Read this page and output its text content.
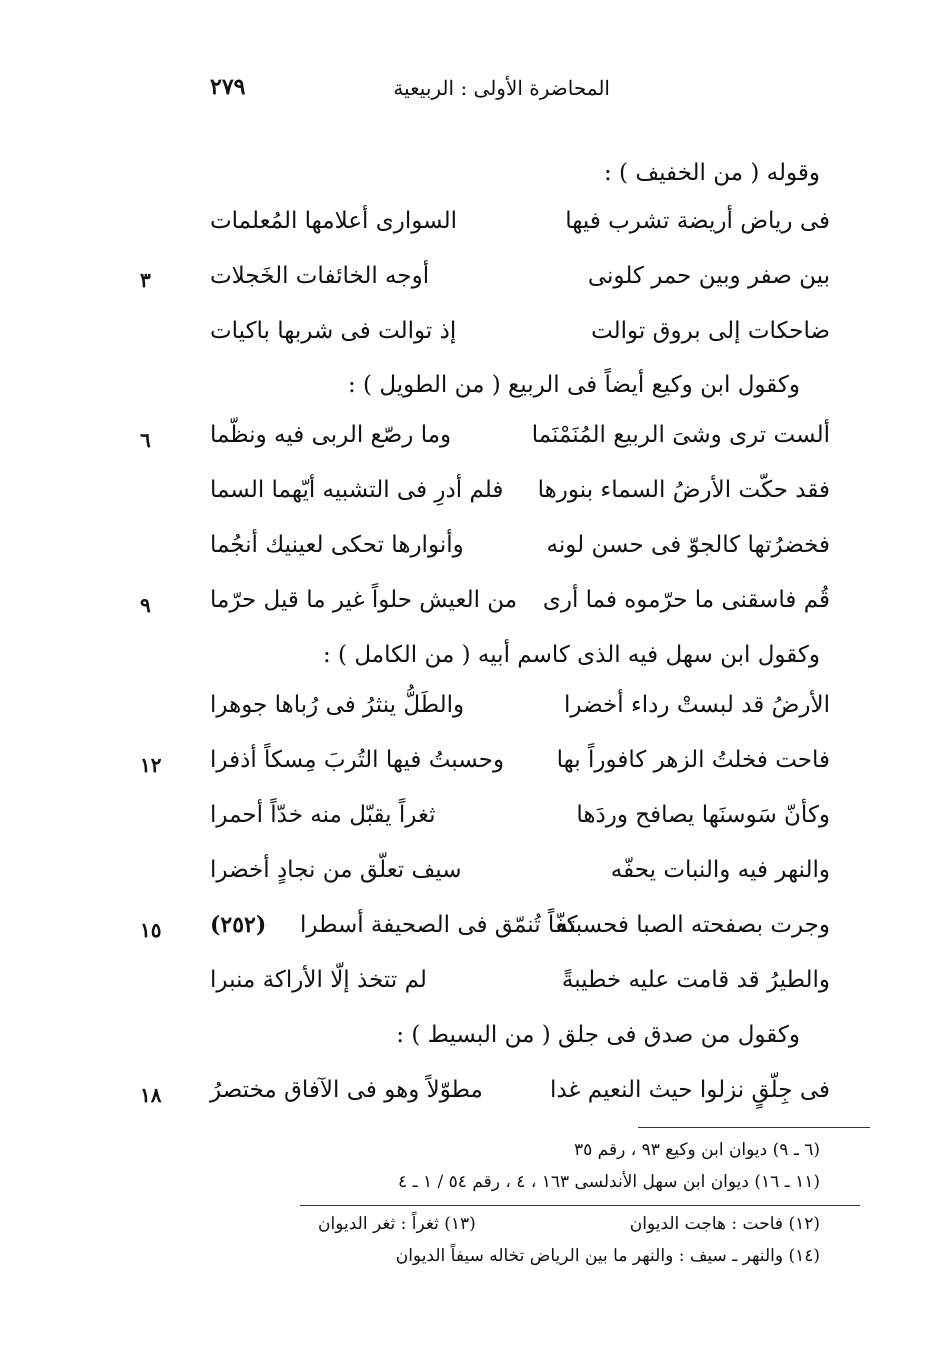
المحاضرة الأولى : الربيعية
٢٧٩
وقوله ( من الخفيف ) :
فى رياض أريضة تشرب فيها
السوارى أعلامها المُعلمات
بين صفر وبين حمر كلونى
أوجه الخائفات الخَجلات
٣
ضاحكات إلى بروق توالت
إذ توالت فى شربها باكيات
وكقول ابن وكيع أيضاً فى الربيع ( من الطويل ) :
ألست ترى وشىَ الربيع المُنَمْنَما
وما رصّع الربى فيه ونظّما
٦
فقد حكّت الأرضُ السماء بنورها
فلم أدرِ فى التشبيه أيّهما السما
فخضرُتها كالجوّ فى حسن لونه
وأنوارها تحكى لعينيك أنجُما
قُم فاسقنى ما حرّموه فما أرى
من العيش حلواً غير ما قيل حرّما
٩
وكقول ابن سهل فيه الذى كاسم أبيه ( من الكامل ) :
الأرضُ قد لبستْ رداء أخضرا
والطَلُّ ينثرُ فى رُباها جوهرا
فاحت فخلتُ الزهر كافوراً بها
وحسبتُ فيها التُربَ مِسكاً أذفرا
١٢
وكأنّ سَوسنَها يصافح وردَها
ثغراً يقبّل منه خدّاً أحمرا
والنهر فيه والنبات يحفّه
سيف تعلّق من نجادٍ أخضرا
وجرت بصفحته الصبا فحسبته
كفّاً تُنمّق فى الصحيفة أسطرا
(٢٥٢)
١٥
والطيرُ قد قامت عليه خطيبةً
لم تتخذ إلّا الأراكة منبرا
وكقول من صدق فى جلق ( من البسيط ) :
فى جِلّقٍ نزلوا حيث النعيم غدا
مطوّلاً وهو فى الآفاق مختصرُ
١٨
(٦ ـ ٩) ديوان ابن وكيع ٩٣ ، رقم ٣٥
(١١ ـ ١٦) ديوان ابن سهل الأندلسى ١٦٣ ، ٤ ، رقم ٥٤ / ١ ـ ٤
(١٢) فاحت : هاجت الديوان
(١٣) ثغراً : ثغر الديوان
(١٤) والنهر ـ سيف : والنهر ما بين الرياض تخاله سيفاً الديوان
